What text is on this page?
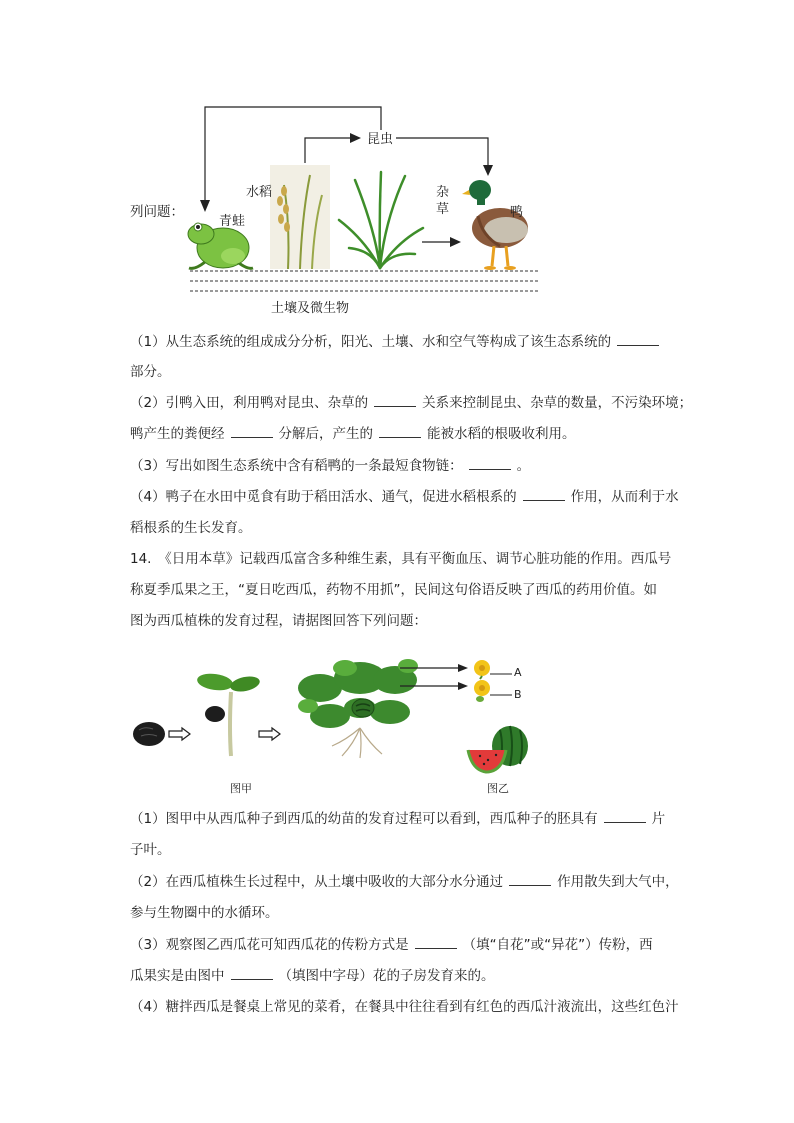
列问题：
昆虫
水稻
青蛙
杂草	鸭
土壤及微生物
（1）从生态系统的组成成分分析，阳光、土壤、水和空气等构成了该生态系统的
部分。
（2）引鸭入田，利用鸭对昆虫、杂草的	关系来控制昆虫、杂草的数量，不污染环境；
鸭产生的粪便经	分解后，产生的	能被水稻的根吸收利用。
（3）写出如图生态系统中含有稻鸭的一条最短食物链：	。
（4）鸭子在水田中觅食有助于稻田活水、通气，促进水稻根系的	作用，从而利于水
稻根系的生长发育。
14.　《日用本草》记载西瓜富含多种维生素，具有平衡血压、调节心脏功能的作用。西瓜号
称夏季瓜果之王，“夏日吃西瓜，药物不用抓”，民间这句俗语反映了西瓜的药用价值。如
图为西瓜植株的发育过程，请据图回答下列问题：
A
B
图甲	图乙
（1）图甲中从西瓜种子到西瓜的幼苗的发育过程可以看到，西瓜种子的胚具有	片
子叶。
（2）在西瓜植株生长过程中，从土壤中吸收的大部分水分通过	作用散失到大气中，
参与生物圈中的水循环。
（3）观察图乙西瓜花可知西瓜花的传粉方式是	（填“自花”或“异花”）传粉，西
瓜果实是由图中	（填图中字母）花的子房发育来的。
（4）糖拌西瓜是餐桌上常见的菜肴，在餐具中往往看到有红色的西瓜汁液流出，这些红色汁
